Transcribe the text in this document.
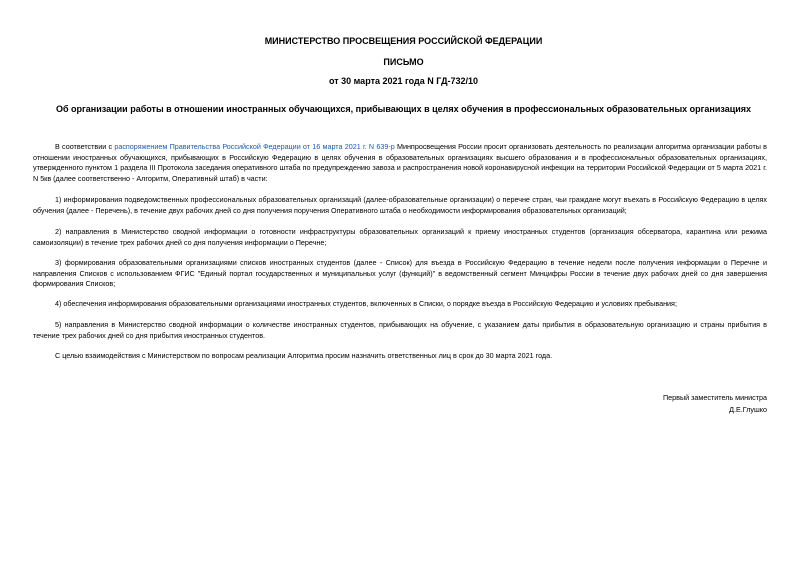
МИНИСТЕРСТВО ПРОСВЕЩЕНИЯ РОССИЙСКОЙ ФЕДЕРАЦИИ
ПИСЬМО
от 30 марта 2021 года N ГД-732/10
Об организации работы в отношении иностранных обучающихся, прибывающих в целях обучения в профессиональных образовательных организациях
В соответствии с распоряжением Правительства Российской Федерации от 16 марта 2021 г. N 639-р Минпросвещения России просит организовать деятельность по реализации алгоритма организации работы в отношении иностранных обучающихся, прибывающих в Российскую Федерацию в целях обучения в образовательных организациях высшего образования и в профессиональных образовательных организациях, утвержденного пунктом 1 раздела III Протокола заседания оперативного штаба по предупреждению завоза и распространения новой коронавирусной инфекции на территории Российской Федерации от 5 марта 2021 г. N 5кв (далее соответственно - Алгоритм, Оперативный штаб) в части:
1) информирования подведомственных профессиональных образовательных организаций (далее-образовательные организации) о перечне стран, чьи граждане могут въехать в Российскую Федерацию в целях обучения (далее - Перечень), в течение двух рабочих дней со дня получения поручения Оперативного штаба о необходимости информирования образовательных организаций;
2) направления в Министерство сводной информации о готовности инфраструктуры образовательных организаций к приему иностранных студентов (организация обсерватора, карантина или режима самоизоляции) в течение трех рабочих дней со дня получения информации о Перечне;
3) формирования образовательными организациями списков иностранных студентов (далее - Список) для въезда в Российскую Федерацию в течение недели после получения информации о Перечне и направления Списков с использованием ФГИС "Единый портал государственных и муниципальных услуг (функций)" в ведомственный сегмент Минцифры России в течение двух рабочих дней со дня завершения формирования Списков;
4) обеспечения информирования образовательными организациями иностранных студентов, включенных в Списки, о порядке въезда в Российскую Федерацию и условиях пребывания;
5) направления в Министерство сводной информации о количестве иностранных студентов, прибывающих на обучение, с указанием даты прибытия в образовательную организацию и страны прибытия в течение трех рабочих дней со дня прибытия иностранных студентов.
С целью взаимодействия с Министерством по вопросам реализации Алгоритма просим назначить ответственных лиц в срок до 30 марта 2021 года.
Первый заместитель министра
Д.Е.Глушко
